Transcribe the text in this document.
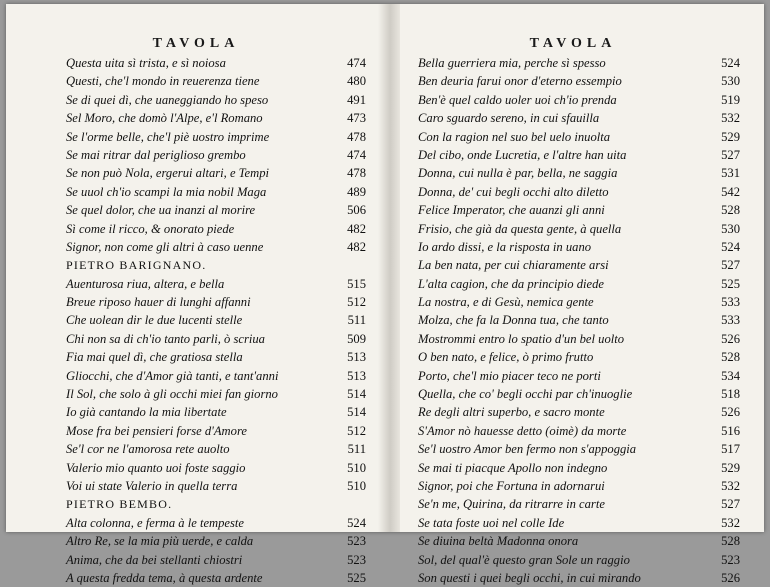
TAVOLA
Questa uita sì trista, e sì noiosa	474
Questi, che'l mondo in reuerenza tiene	480
Se di quei dì, che uaneggiando ho speso	491
Sel Moro, che domò l'Alpe, e'l Romano	473
Se l'orme belle, che'l piè uostro imprime	478
Se mai ritrar dal periglioso grembo	474
Se non può Nola, ergerui altari, e Tempi	478
Se uuol ch'io scampi la mia nobil Maga	489
Se quel dolor, che ua inanzi al morire	506
Sì come il ricco, & onorato piede	482
Signor, non come gli altri à caso uenne	482
PIETRO BARIGNANO.
Auenturosa riua, altera, e bella	515
Breue riposo hauer di lunghi affanni	512
Che uolean dir le due lucenti stelle	511
Chi non sa di ch'io tanto parli, ò scriua	509
Fia mai quel dì, che gratiosa stella	513
Gliocchi, che d'Amor già tanti, e tant'anni	513
Il Sol, che solo à gli occhi miei fan giorno	514
Io già cantando la mia libertate	514
Mose fra bei pensieri forse d'Amore	512
Se'l cor ne l'amorosa rete auolto	511
Valerio mio quanto uoi foste saggio	510
Voi ui state Valerio in quella terra	510
PIETRO BEMBO.
Alta colonna, e ferma à le tempeste	524
Altro Re, se la mia più uerde, e calda	523
Anima, che da bei stellanti chiostri	523
A questa fredda tema, à questa ardente	525
TAVOLA
Bella guerriera mia, perche sì spesso	524
Ben deuria farui onor d'eterno essempio	530
Ben'è quel caldo uoler uoi ch'io prenda	519
Caro sguardo sereno, in cui sfauilla	532
Con la ragion nel suo bel uelo inuolta	529
Del cibo, onde Lucretia, e l'altre han uita	527
Donna, cui nulla è par, bella, ne saggia	531
Donna, de' cui begli occhi alto diletto	542
Felice Imperator, che auanzi gli anni	528
Frisio, che già da questa gente, à quella	530
Io ardo dissi, e la risposta in uano	524
La ben nata, per cui chiaramente arsi	527
L'alta cagion, che da principio diede	525
La nostra, e di Gesù, nemica gente	533
Molza, che fa la Donna tua, che tanto	533
Mostrommi entro lo spatio d'un bel uolto	526
O ben nato, e felice, ò primo frutto	528
Porto, che'l mio piacer teco ne porti	534
Quella, che co' begli occhi par ch'inuoglie	518
Re degli altri superbo, e sacro monte	526
S'Amor nò hauesse detto (oimè) da morte	516
Se'l uostro Amor ben fermo non s'appoggia	517
Se mai ti piacque Apollo non indegno	529
Signor, poi che Fortuna in adornarui	532
Se'n me, Quirina, da ritrarre in carte	527
Se tata foste uoi nel colle Ide	532
Se diuina beltà Madonna onora	528
Sol, del qual'è questo gran Sole un raggio	523
Son questi i quei begli occhi, in cui mirando	526
